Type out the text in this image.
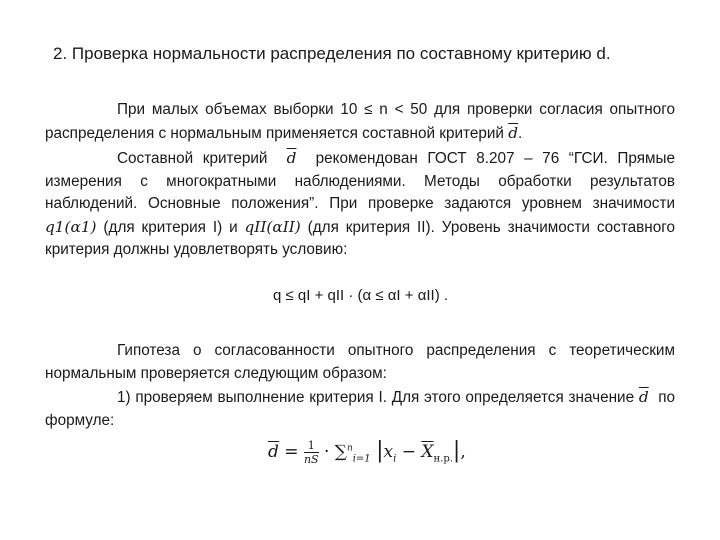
2. Проверка нормальности распределения по составному критерию d.
При малых объемах выборки 10 ≤ n < 50 для проверки согласия опытного распределения с нормальным применяется составной критерий $\overline{d}$.
Составной критерий $\overline{d}$ рекомендован ГОСТ 8.207 – 76 “ГСИ. Прямые измерения с многократными наблюдениями. Методы обработки результатов наблюдений. Основные положения”. При проверке задаются уровнем значимости q1(α1) (для критерия I) и qII(αII) (для критерия II). Уровень значимости составного критерия должны удовлетворять условию:
q ≤ qI + qII · (α ≤ αI + αII) .
Гипотеза о согласованности опытного распределения с теоретическим нормальным проверяется следующим образом:
1) проверяем выполнение критерия I. Для этого определяется значение $\overline{d}$ по формуле:
$\overline{d} = \frac{1}{nS} \cdot \sum^n_{i=1}$ $|x_i - \overline{X}_{н.р.}|$,
